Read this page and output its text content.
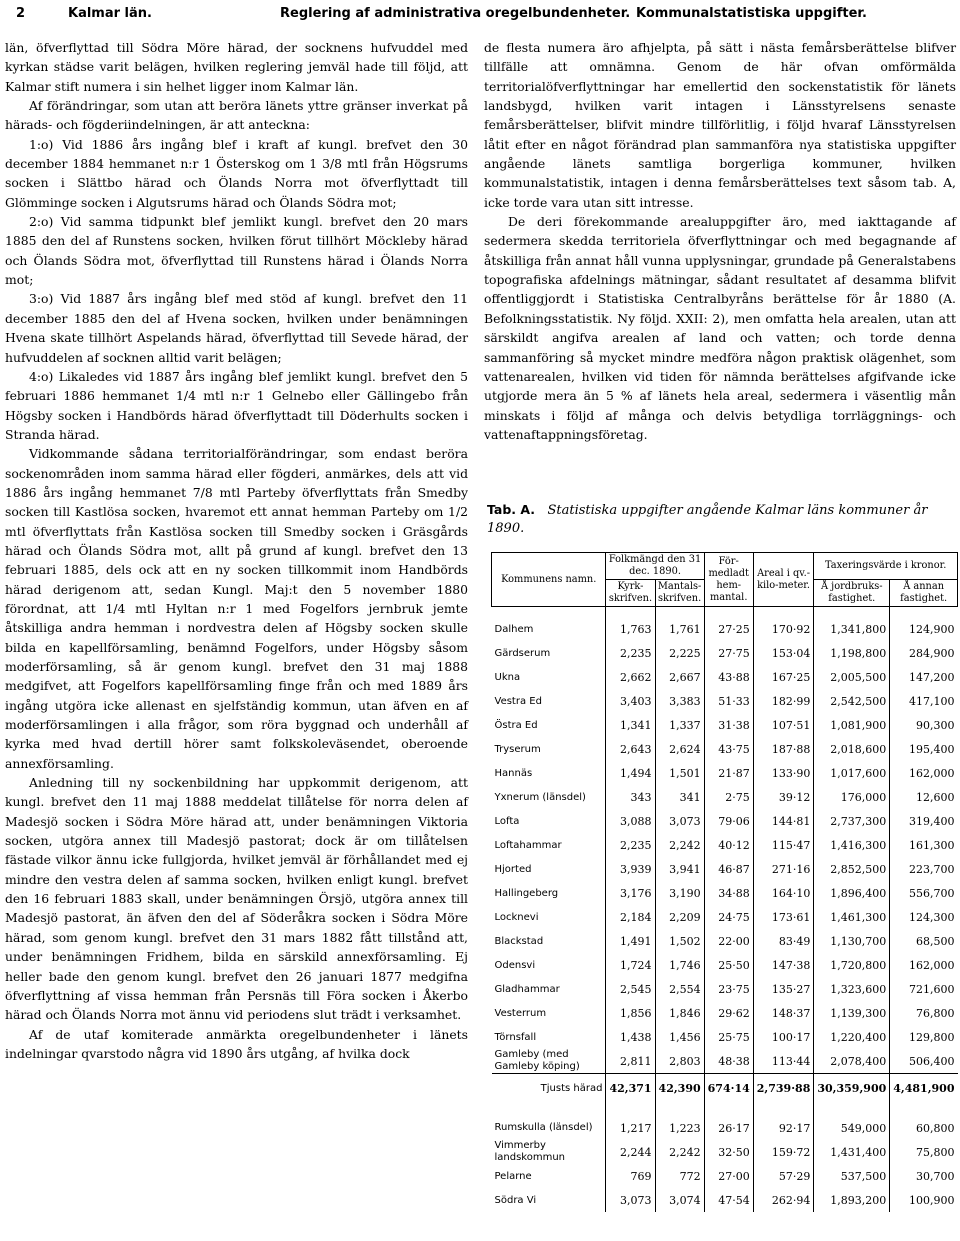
2	Kalmar län.	Reglering af administrativa oregelbundenheter. Kommunalstatistiska uppgifter.

län, öfverflyttad till Södra Möre härad, der socknens hufvuddel med kyrkan städse varit belägen, hvilken reglering jemväl hade till följd, att Kalmar stift numera i sin helhet ligger inom Kalmar län.

Af förändringar, som utan att beröra länets yttre gränser inverkat på härads- och fögderiindelningen, är att anteckna:

1:o) Vid 1886 års ingång blef i kraft af kungl. brefvet den 30 december 1884 hemmanet n:r 1 Österskog om 1 3/8 mtl från Högsrums socken i Slättbo härad och Ölands Norra mot öfverflyttadt till Glömminge socken i Algutsrums härad och Ölands Södra mot;

2:o) Vid samma tidpunkt blef jemlikt kungl. brefvet den 20 mars 1885 den del af Runstens socken, hvilken förut tillhört Möckleby härad och Ölands Södra mot, öfverflyttad till Runstens härad i Ölands Norra mot;

3:o) Vid 1887 års ingång blef med stöd af kungl. brefvet den 11 december 1885 den del af Hvena socken, hvilken under benämningen Hvena skate tillhört Aspelands härad, öfverflyttad till Sevede härad, der hufvuddelen af socknen alltid varit belägen;

4:o) Likaledes vid 1887 års ingång blef jemlikt kungl. brefvet den 5 februari 1886 hemmanet 1/4 mtl n:r 1 Gelnebo eller Gällingebo från Högsby socken i Handbörds härad öfverflyttadt till Döderhults socken i Stranda härad.

Vidkommande sådana territorialförändringar, som endast beröra sockenområden inom samma härad eller fögderi, anmärkes, dels att vid 1886 års ingång hemmanet 7/8 mtl Parteby öfverflyttats från Smedby socken till Kastlösa socken, hvaremot ett annat hemman Parteby om 1/2 mtl öfverflyttats från Kastlösa socken till Smedby socken i Gräsgårds härad och Ölands Södra mot, allt på grund af kungl. brefvet den 13 februari 1885, dels ock att en ny socken tillkommit inom Handbörds härad derigenom att, sedan Kungl. Maj:t den 5 november 1880 förordnat, att 1/4 mtl Hyltan n:r 1 med Fogelfors jernbruk jemte åtskilliga andra hemman i nordvestra delen af Högsby socken skulle bilda en kapellförsamling, benämnd Fogelfors, under Högsby såsom moderförsamling, så är genom kungl. brefvet den 31 maj 1888 medgifvet, att Fogelfors kapellförsamling finge från och med 1889 års ingång utgöra icke allenast en sjelfständig kommun, utan äfven en af moderförsamlingen i alla frågor, som röra byggnad och underhåll af kyrka med hvad dertill hörer samt folkskoleväsendet, oberoende annexförsamling.

Anledning till ny sockenbildning har uppkommit derigenom, att kungl. brefvet den 11 maj 1888 meddelat tillåtelse för norra delen af Madesjö socken i Södra Möre härad att, under benämningen Viktoria socken, utgöra annex till Madesjö pastorat; dock är om tillåtelsen fästade vilkor ännu icke fullgjorda, hvilket jemväl är förhållandet med ej mindre den vestra delen af samma socken, hvilken enligt kungl. brefvet den 16 februari 1883 skall, under benämningen Örsjö, utgöra annex till Madesjö pastorat, än äfven den del af Söderåkra socken i Södra Möre härad, som genom kungl. brefvet den 31 mars 1882 fått tillstånd att, under benämningen Fridhem, bilda en särskild annexförsamling. Ej heller bade den genom kungl. brefvet den 26 januari 1877 medgifna öfverflyttning af vissa hemman från Persnäs till Föra socken i Åkerbo härad och Ölands Norra mot ännu vid periodens slut trädt i verksamhet.

Af de utaf komiterade anmärkta oregelbundenheter i länets indelningar qvarstodo några vid 1890 års utgång, af hvilka dock

de flesta numera äro afhjelpta, på sätt i nästa femårsberättelse blifver tillfälle att omnämna. Genom de här ofvan omförmälda territorialöfverflyttningar har emellertid den sockenstatistik för länets landsbygd, hvilken varit intagen i Länsstyrelsens senaste femårsberättelser, blifvit mindre tillförlitlig, i följd hvaraf Länsstyrelsen låtit efter en något förändrad plan sammanföra nya statistiska uppgifter angående länets samtliga borgerliga kommuner, hvilken kommunalstatistik, intagen i denna femårsberättelses text såsom tab. A, icke torde vara utan sitt intresse.

De deri förekommande arealuppgifter äro, med iakttagande af sedermera skedda territoriela öfverflyttningar och med begagnande af åtskilliga från annat håll vunna upplysningar, grundade på Generalstabens topografiska afdelnings mätningar, sådant resultatet af desamma blifvit offentliggjordt i Statistiska Centralbyråns berättelse för år 1880 (A. Befolkningsstatistik. Ny följd. XXII: 2), men omfatta hela arealen, utan att särskildt angifva arealen af land och vatten; och torde denna sammanföring så mycket mindre medföra någon praktisk olägenhet, som vattenarealen, hvilken vid tiden för nämnda berättelses afgifvande icke utgjorde mera än 5 % af länets hela areal, sedermera i väsentlig mån minskats i följd af många och delvis betydliga torrläggnings- och vattenaftappningsföretag.

Tab. A. Statistiska uppgifter angående Kalmar läns kommuner år 1890.
Kommunens namn.	Folkmängd den 31 dec. 1890.		För-medladt hem-mantal.	Areal i qv.-kilo-meter.	Taxeringsvärde i kronor.	
	Kyrk-skrifven.	Mantals-skrifven.			Å jordbruks-fastighet.	Å annan fastighet.
Dalhem	1,763	1,761	27·25	170·92	1,341,800	124,900
Gärdserum	2,235	2,225	27·75	153·04	1,198,800	284,900
Ukna	2,662	2,667	43·88	167·25	2,005,500	147,200
Vestra Ed	3,403	3,383	51·33	182·99	2,542,500	417,100
Östra Ed	1,341	1,337	31·38	107·51	1,081,900	90,300
Tryserum	2,643	2,624	43·75	187·88	2,018,600	195,400
Hannäs	1,494	1,501	21·87	133·90	1,017,600	162,000
Yxnerum (länsdel)	343	341	2·75	39·12	176,000	12,600
Lofta	3,088	3,073	79·06	144·81	2,737,300	319,400
Loftahammar	2,235	2,242	40·12	115·47	1,416,300	161,300
Hjorted	3,939	3,941	46·87	271·16	2,852,500	223,700
Hallingeberg	3,176	3,190	34·88	164·10	1,896,400	556,700
Locknevi	2,184	2,209	24·75	173·61	1,461,300	124,300
Blackstad	1,491	1,502	22·00	83·49	1,130,700	68,500
Odensvi	1,724	1,746	25·50	147·38	1,720,800	162,000
Gladhammar	2,545	2,554	23·75	135·27	1,323,600	721,600
Vesterrum	1,856	1,846	29·62	148·37	1,139,300	76,800
Törnsfall	1,438	1,456	25·75	100·17	1,220,400	129,800
Gamleby (med Gamleby köping)	2,811	2,803	48·38	113·44	2,078,400	506,400
Tjusts härad	42,371	42,390	674·14	2,739·88	30,359,900	4,481,900

Rumskulla (länsdel)	1,217	1,223	26·17	92·17	549,000	60,800
Vimmerby landskommun	2,244	2,242	32·50	159·72	1,431,400	75,800
Pelarne	769	772	27·00	57·29	537,500	30,700
Södra Vi	3,073	3,074	47·54	262·94	1,893,200	100,900
